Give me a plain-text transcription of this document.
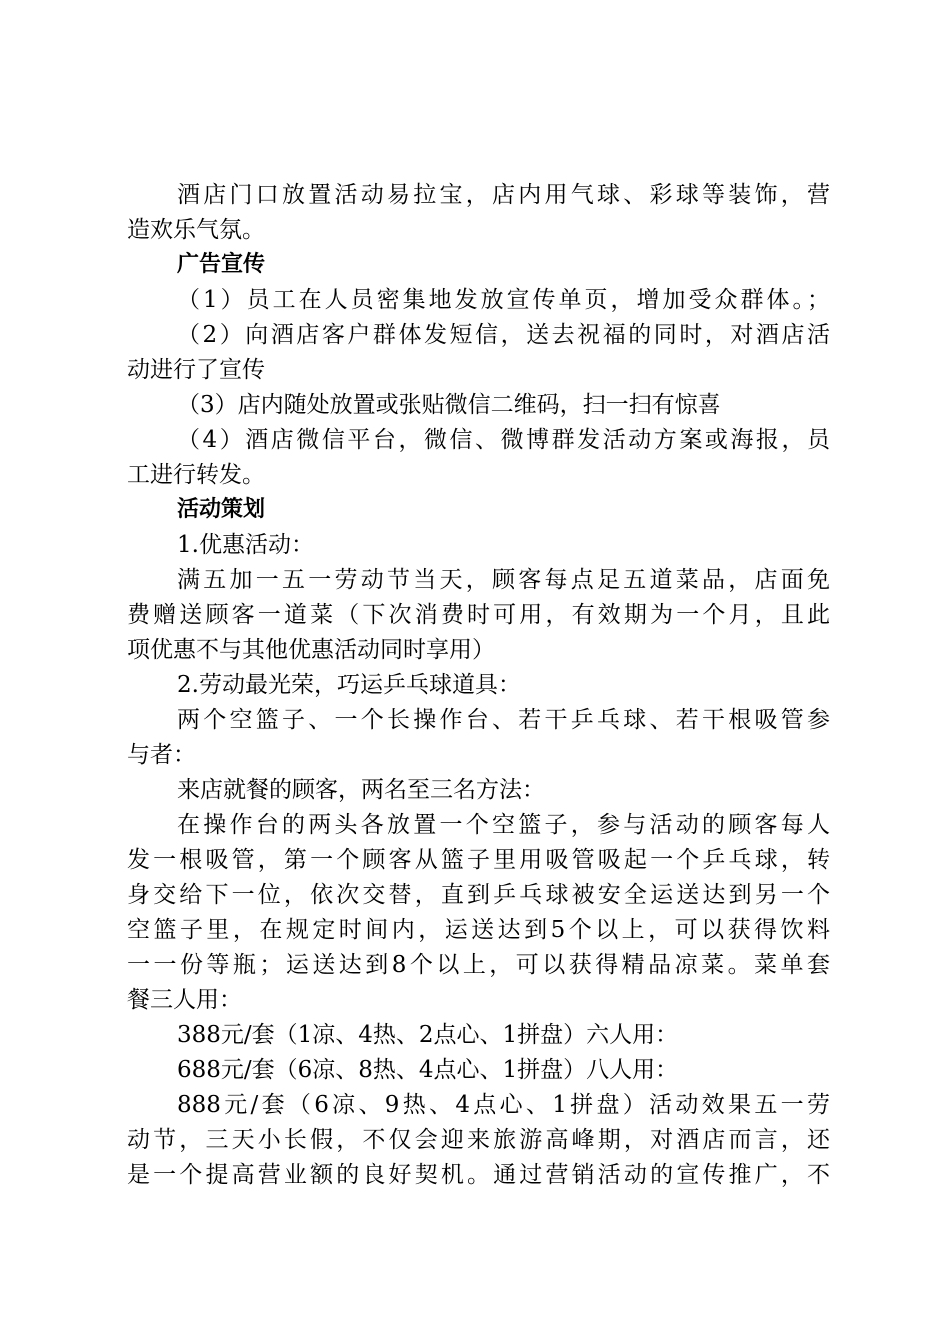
酒店门口放置活动易拉宝，店内用气球、彩球等装饰，营
造欢乐气氛。
广告宣传
（1）员工在人员密集地发放宣传单页，增加受众群体。；
（2）向酒店客户群体发短信，送去祝福的同时，对酒店活
动进行了宣传
（3）店内随处放置或张贴微信二维码，扫一扫有惊喜
（4）酒店微信平台，微信、微博群发活动方案或海报，员
工进行转发。
活动策划
1.优惠活动：
满五加一五一劳动节当天，顾客每点足五道菜品，店面免
费赠送顾客一道菜（下次消费时可用，有效期为一个月，且此
项优惠不与其他优惠活动同时享用）
2.劳动最光荣，巧运乒乓球道具：
两个空篮子、一个长操作台、若干乒乓球、若干根吸管参
与者：
来店就餐的顾客，两名至三名方法：
在操作台的两头各放置一个空篮子，参与活动的顾客每人
发一根吸管，第一个顾客从篮子里用吸管吸起一个乒乓球，转
身交给下一位，依次交替，直到乒乓球被安全运送达到另一个
空篮子里，在规定时间内，运送达到5个以上，可以获得饮料
一一份等瓶；运送达到8个以上，可以获得精品凉菜。菜单套
餐三人用：
388元/套（1凉、4热、2点心、1拼盘）六人用：
688元/套（6凉、8热、4点心、1拼盘）八人用：
888元/套（6凉、9热、4点心、1拼盘）活动效果五一劳
动节，三天小长假，不仅会迎来旅游高峰期，对酒店而言，还
是一个提高营业额的良好契机。通过营销活动的宣传推广，不
